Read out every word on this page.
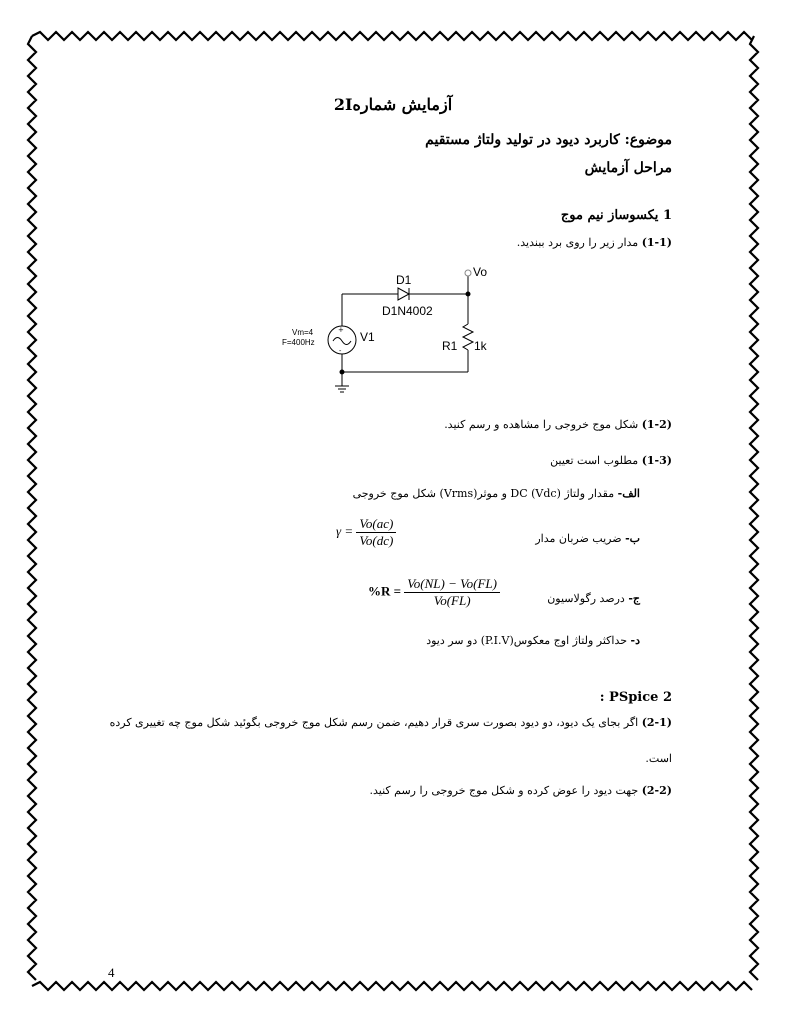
آزمایش شماره2I
موضوع: کاربرد دیود در تولید ولتاژ مستقیم
مراحل آزمایش
1 یکسوساز نیم موج
(1-1) مدار زیر را روی برد ببندید.
+
-
D1
D1N4002
Vo
Vm=4
F=400Hz	V1
R1 1k
(1-2) شکل موج خروجی را مشاهده و رسم کنید.
(1-3) مطلوب است تعیین
الف- مقدار ولتاژ DC (Vdc) و موثر(Vrms) شکل موج خروجی
ب- ضریب ضربان مدار
$\gamma = \frac{Vo(ac)}{Vo(dc)}$
ج- درصد رگولاسیون
$\%R = \frac{Vo(NL) - Vo(FL)}{Vo(FL)}$
د- حداکثر ولتاژ اوج معکوس(P.I.V) دو سر دیود
: PSpice 2
(2-1) اگر بجای یک دیود، دو دیود بصورت سری قرار دهیم، ضمن رسم شکل موج خروجی بگوئید شکل موج چه تغییری کرده
است.
(2-2) جهت دیود را عوض کرده و شکل موج خروجی را رسم کنید.
4
